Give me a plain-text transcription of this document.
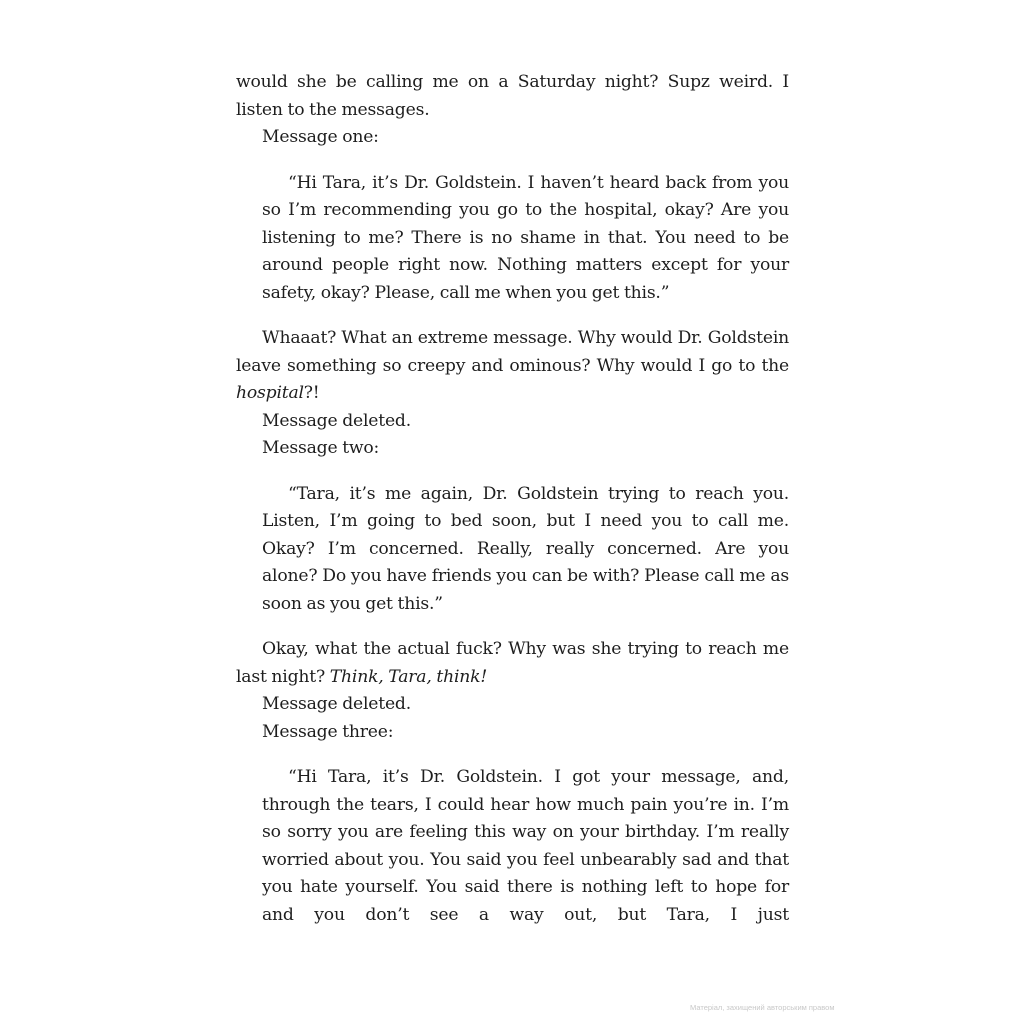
would she be calling me on a Saturday night? Supz weird. I listen to the messages.

Message one:

“Hi Tara, it’s Dr. Goldstein. I haven’t heard back from you so I’m recommending you go to the hospital, okay? Are you listening to me? There is no shame in that. You need to be around people right now. Nothing matters except for your safety, okay? Please, call me when you get this.”

Whaaat? What an extreme message. Why would Dr. Goldstein leave something so creepy and ominous? Why would I go to the hospital?!

Message deleted.

Message two:

“Tara, it’s me again, Dr. Goldstein trying to reach you. Listen, I’m going to bed soon, but I need you to call me. Okay? I’m concerned. Really, really concerned. Are you alone? Do you have friends you can be with? Please call me as soon as you get this.”

Okay, what the actual fuck? Why was she trying to reach me last night? Think, Tara, think!

Message deleted.

Message three:

“Hi Tara, it’s Dr. Goldstein. I got your message, and, through the tears, I could hear how much pain you’re in. I’m so sorry you are feeling this way on your birthday. I’m really worried about you. You said you feel unbearably sad and that you hate yourself. You said there is nothing left to hope for and you don’t see a way out, but Tara, I just

Матеріал, захищений авторським правом
